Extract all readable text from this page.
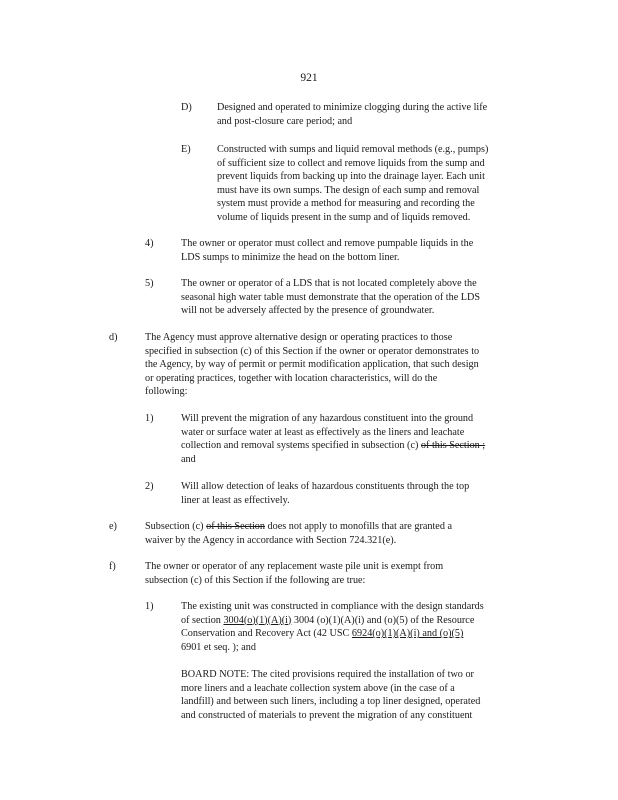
921
D) Designed and operated to minimize clogging during the active life
and post-closure care period; and
E)	Constructed with sumps and liquid removal methods (e.g., pumps)
of sufficient size to collect and remove liquids from the sump and
prevent liquids from backing up into the drainage layer. Each unit
must have its own sumps. The design of each sump and removal
system must provide a method for measuring and recording the
volume of liquids present in the sump and of liquids removed.
4)	The owner or operator must collect and remove pumpable liquids in the
LDS sumps to minimize the head on the bottom liner.
5)	The owner or operator of a LDS that is not located completely above the
seasonal high water table must demonstrate that the operation of the LDS
will not be adversely affected by the presence of groundwater.
d)	The Agency must approve alternative design or operating practices to those
specified in subsection (c) of this Section if the owner or operator demonstrates to
the Agency, by way of permit or permit modification application, that such design
or operating practices, together with location characteristics, will do the
following:
1)	Will prevent the migration of any hazardous constituent into the ground
water or surface water at least as effectively as the liners and leachate
collection and removal systems specified in subsection (c) of this Section ;
and
2)	Will allow detection of leaks of hazardous constituents through the top
liner at least as effectively.
e)	Subsection (c) of this Section does not apply to monofills that are granted a
waiver by the Agency in accordance with Section 724.321(e).
f)	The owner or operator of any replacement waste pile unit is exempt from
subsection (c) of this Section if the following are true:
1)	The existing unit was constructed in compliance with the design standards
of section 3004(o)(1)(A)(i) 3004 (o)(1)(A)(i) and (o)(5) of the Resource
Conservation and Recovery Act (42 USC 6924(o)(1)(A)(i) and (o)(5)
6901 et seq. ); and
BOARD NOTE: The cited provisions required the installation of two or
more liners and a leachate collection system above (in the case of a
landfill) and between such liners, including a top liner designed, operated
and constructed of materials to prevent the migration of any constituent
